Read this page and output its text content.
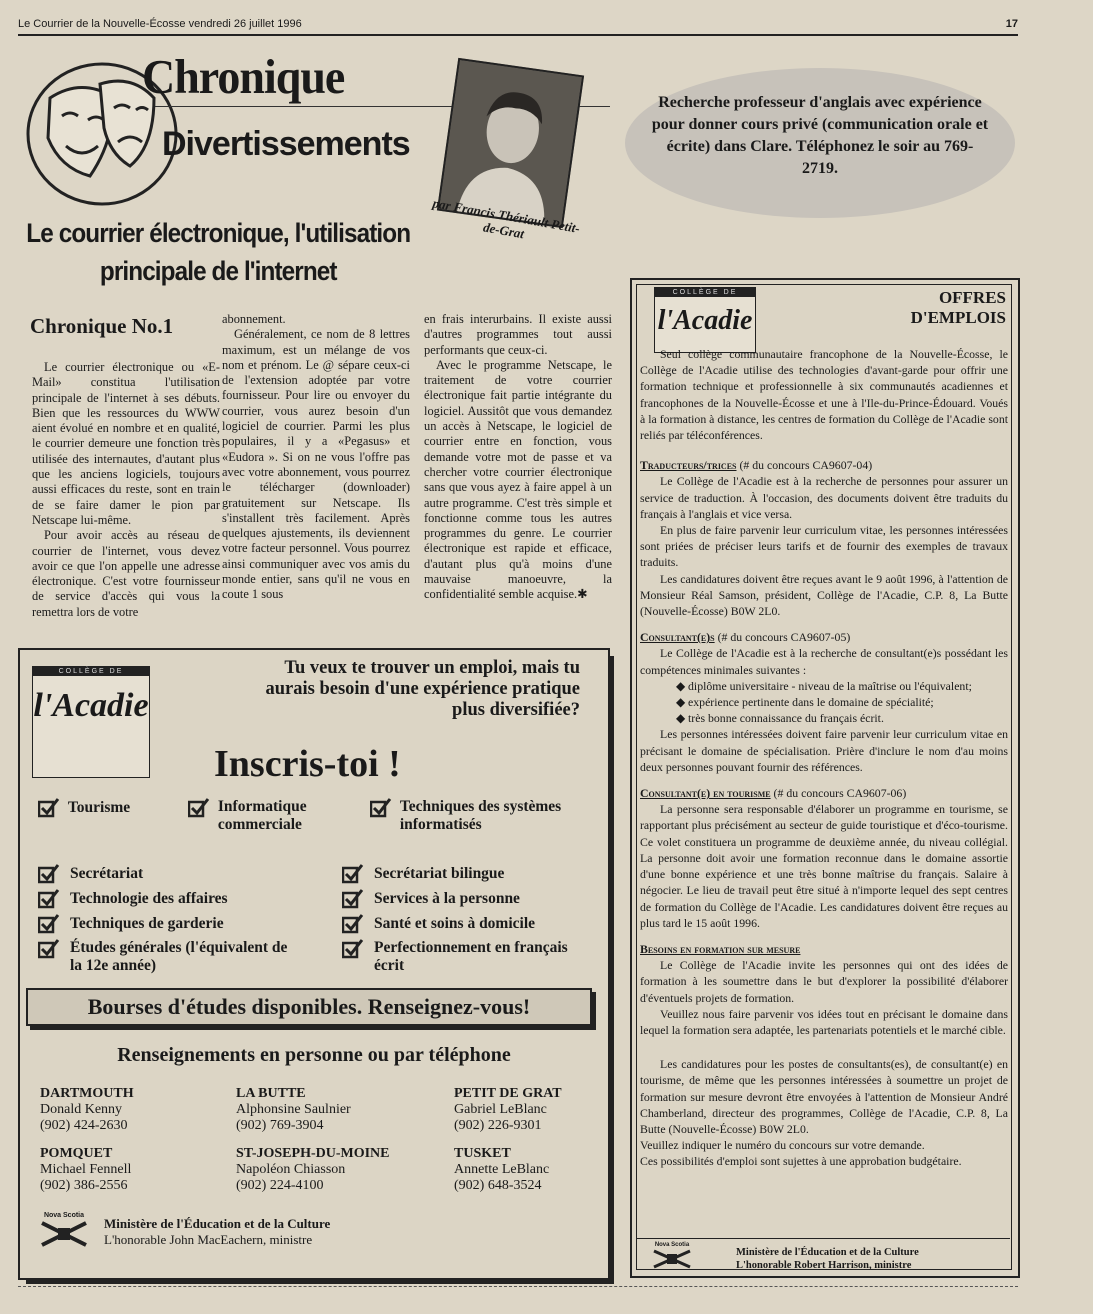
Le Courrier de la Nouvelle-Écosse vendredi 26 juillet 1996	17
Chronique
Divertissements
par Francis Thériault Petit-de-Grat
Le courrier électronique, l'utilisation
principale de l'internet
Recherche professeur d'anglais avec expérience pour donner cours privé (communication orale et écrite) dans Clare. Téléphonez le soir au 769-2719.
Chronique No.1

Le courrier électronique ou «E-Mail» constitua l'utilisation principale de l'internet à ses débuts. Bien que les ressources du WWW aient évolué en nombre et en qualité, le courrier demeure une fonction très utilisée des internautes, d'autant plus que les anciens logiciels, toujours aussi efficaces du reste, sont en train de se faire damer le pion par Netscape lui-même.

Pour avoir accès au réseau de courrier de l'internet, vous devez avoir ce que l'on appelle une adresse électronique. C'est votre fournisseur de service d'accès qui vous la remettra lors de votre

abonnement.

Généralement, ce nom de 8 lettres maximum, est un mélange de vos nom et prénom. Le @ sépare ceux-ci de l'extension adoptée par votre fournisseur. Pour lire ou envoyer du courrier, vous aurez besoin d'un logiciel de courrier. Parmi les plus populaires, il y a «Pegasus» et «Eudora ». Si on ne vous l'offre pas avec votre abonnement, vous pourrez le télécharger (downloader) gratuitement sur Netscape. Ils s'installent très facilement. Après quelques ajustements, ils deviennent votre facteur personnel. Vous pourrez ainsi communiquer avec vos amis du monde entier, sans qu'il ne vous en coute 1 sous

en frais interurbains. Il existe aussi d'autres programmes tout aussi performants que ceux-ci.

Avec le programme Netscape, le traitement de votre courrier électronique fait partie intégrante du logiciel. Aussitôt que vous demandez un accès à Netscape, le logiciel de courrier entre en fonction, vous demande votre mot de passe et va chercher votre courrier électronique sans que vous ayez à faire appel à un autre programme. C'est très simple et fonctionne comme tous les autres programmes du genre. Le courrier électronique est rapide et efficace, d'autant plus qu'à moins d'une mauvaise manoeuvre, la confidentialité semble acquise.✱

COLLÈGE DE
l'Acadie
Tu veux te trouver un emploi, mais tu aurais besoin d'une expérience pratique plus diversifiée?
Inscris-toi !
Tourisme	Informatique commerciale
Techniques des systèmes informatisés
Secrétariat
Technologie des affaires
Techniques de garderie
Études générales (l'équivalent de la 12e année)
Secrétariat bilingue
Services à la personne
Santé et soins à domicile
Perfectionnement en français écrit
Bourses d'études disponibles. Renseignez-vous!
Renseignements en personne ou par téléphone
DARTMOUTH
Donald Kenny
(902) 424-2630
LA BUTTE
Alphonsine Saulnier
(902) 769-3904
PETIT DE GRAT
Gabriel LeBlanc
(902) 226-9301
POMQUET
Michael Fennell
(902) 386-2556
ST-JOSEPH-DU-MOINE
Napoléon Chiasson
(902) 224-4100
TUSKET
Annette LeBlanc
(902) 648-3524
Nova Scotia
Ministère de l'Éducation et de la Culture
L'honorable John MacEachern, ministre
COLLÈGE DE
l'Acadie
OFFRES
D'EMPLOIS

Seul collège communautaire francophone de la Nouvelle-Écosse, le Collège de l'Acadie utilise des technologies d'avant-garde pour offrir une formation technique et professionnelle à six communautés acadiennes et francophones de la Nouvelle-Écosse et une à l'Ile-du-Prince-Édouard. Voués à la formation à distance, les centres de formation du Collège de l'Acadie sont reliés par téléconférences.

Traducteurs/trices (# du concours CA9607-04)

Le Collège de l'Acadie est à la recherche de personnes pour assurer un service de traduction. À l'occasion, des documents doivent être traduits du français à l'anglais et vice versa.

En plus de faire parvenir leur curriculum vitae, les personnes intéressées sont priées de préciser leurs tarifs et de fournir des exemples de travaux traduits.

Les candidatures doivent être reçues avant le 9 août 1996, à l'attention de Monsieur Réal Samson, président, Collège de l'Acadie, C.P. 8, La Butte (Nouvelle-Écosse) B0W 2L0.

Consultant(e)s (# du concours CA9607-05)

Le Collège de l'Acadie est à la recherche de consultant(e)s possédant les compétences minimales suivantes :

◆ diplôme universitaire - niveau de la maîtrise ou l'équivalent;

◆ expérience pertinente dans le domaine de spécialité;

◆ très bonne connaissance du français écrit.

Les personnes intéressées doivent faire parvenir leur curriculum vitae en précisant le domaine de spécialisation. Prière d'inclure le nom d'au moins deux personnes pouvant fournir des références.

Consultant(e) en tourisme (# du concours CA9607-06)

La personne sera responsable d'élaborer un programme en tourisme, se rapportant plus précisément au secteur de guide touristique et d'éco-tourisme. Ce volet constituera un programme de deuxième année, du niveau collégial. La personne doit avoir une formation reconnue dans le domaine assortie d'une bonne expérience et une très bonne maîtrise du français. Salaire à négocier. Le lieu de travail peut être situé à n'importe lequel des sept centres de formation du Collège de l'Acadie. Les candidatures doivent être reçues au plus tard le 15 août 1996.

Besoins en formation sur mesure

Le Collège de l'Acadie invite les personnes qui ont des idées de formation à les soumettre dans le but d'explorer la possibilité d'élaborer d'éventuels projets de formation.

Veuillez nous faire parvenir vos idées tout en précisant le domaine dans lequel la formation sera adaptée, les partenariats potentiels et le marché cible.

Les candidatures pour les postes de consultants(es), de consultant(e) en tourisme, de même que les personnes intéressées à soumettre un projet de formation sur mesure devront être envoyées à l'attention de Monsieur André Chamberland, directeur des programmes, Collège de l'Acadie, C.P. 8, La Butte (Nouvelle-Écosse) B0W 2L0.

Veuillez indiquer le numéro du concours sur votre demande.

Ces possibilités d'emploi sont sujettes à une approbation budgétaire.

Nova Scotia
Ministère de l'Éducation et de la Culture
L'honorable Robert Harrison, ministre
